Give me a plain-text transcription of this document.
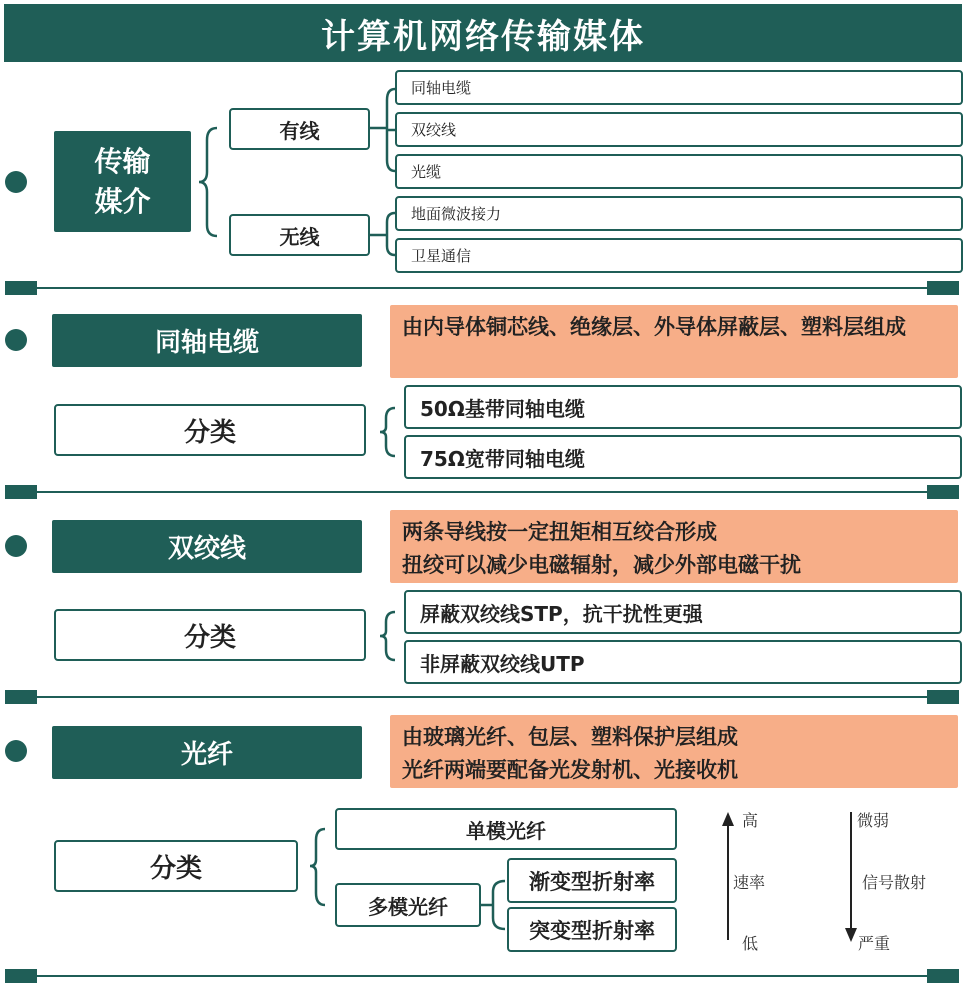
计算机网络传输媒体
传输
媒介
有线
无线
同轴电缆
双绞线
光缆
地面微波接力
卫星通信
同轴电缆
由内导体铜芯线、绝缘层、外导体屏蔽层、塑料层组成
分类
50Ω基带同轴电缆
75Ω宽带同轴电缆
双绞线
两条导线按一定扭矩相互绞合形成
扭绞可以减少电磁辐射，减少外部电磁干扰
分类
屏蔽双绞线STP，抗干扰性更强
非屏蔽双绞线UTP
光纤
由玻璃光纤、包层、塑料保护层组成
光纤两端要配备光发射机、光接收机
分类
单模光纤
多模光纤
渐变型折射率
突变型折射率
高
速率
低
微弱
信号散射
严重
